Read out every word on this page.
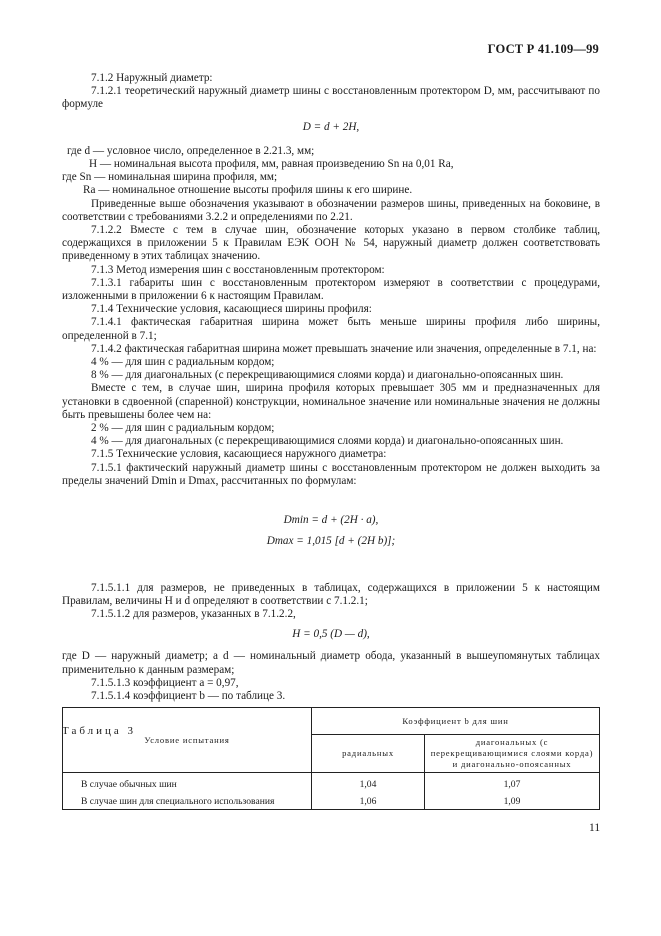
ГОСТ Р 41.109—99

7.1.2 Наружный диаметр:

7.1.2.1 теоретический наружный диаметр шины с восстановленным протектором D, мм, рассчитывают по формуле

D = d + 2H,

где d — условное число, определенное в 2.21.3, мм;

H — номинальная высота профиля, мм, равная произведению Sn на 0,01 Ra,

где Sn — номинальная ширина профиля, мм;

Ra — номинальное отношение высоты профиля шины к его ширине.

Приведенные выше обозначения указывают в обозначении размеров шины, приведенных на боковине, в соответствии с требованиями 3.2.2 и определениями по 2.21.

7.1.2.2 Вместе с тем в случае шин, обозначение которых указано в первом столбике таблиц, содержащихся в приложении 5 к Правилам ЕЭК ООН № 54, наружный диаметр должен соответствовать приведенному в этих таблицах значению.

7.1.3 Метод измерения шин с восстановленным протектором:

7.1.3.1 габариты шин с восстановленным протектором измеряют в соответствии с процедурами, изложенными в приложении 6 к настоящим Правилам.

7.1.4 Технические условия, касающиеся ширины профиля:

7.1.4.1 фактическая габаритная ширина может быть меньше ширины профиля либо ширины, определенной в 7.1;

7.1.4.2 фактическая габаритная ширина может превышать значение или значения, определенные в 7.1, на:

4 % — для шин с радиальным кордом;

8 % — для диагональных (с перекрещивающимися слоями корда) и диагонально-опоясанных шин.

Вместе с тем, в случае шин, ширина профиля которых превышает 305 мм и предназначенных для установки в сдвоенной (спаренной) конструкции, номинальное значение или номинальные значения не должны быть превышены более чем на:

2 % — для шин с радиальным кордом;

4 % — для диагональных (с перекрещивающимися слоями корда) и диагонально-опоясанных шин.

7.1.5 Технические условия, касающиеся наружного диаметра:

7.1.5.1 фактический наружный диаметр шины с восстановленным протектором не должен выходить за пределы значений Dmin и Dmax, рассчитанных по формулам:

Dmin = d + (2H · a),

Dmax = 1,015 [d + (2H b)];

7.1.5.1.1 для размеров, не приведенных в таблицах, содержащихся в приложении 5 к настоящим Правилам, величины H и d определяют в соответствии с 7.1.2.1;

7.1.5.1.2 для размеров, указанных в 7.1.2.2,

H = 0,5 (D — d),

где D — наружный диаметр; а d — номинальный диаметр обода, указанный в вышеупомянутых таблицах применительно к данным размерам;

7.1.5.1.3 коэффициент a = 0,97,

7.1.5.1.4 коэффициент b — по таблице 3.

Таблица 3

Условие испытания	Коэффициент b для шин	
	радиальных	диагональных (с перекрещивающимися слоями корда) и диагонально-опоясанных
В случае обычных шин	1,04	1,07
В случае шин для специального использования	1,06	1,09
11
